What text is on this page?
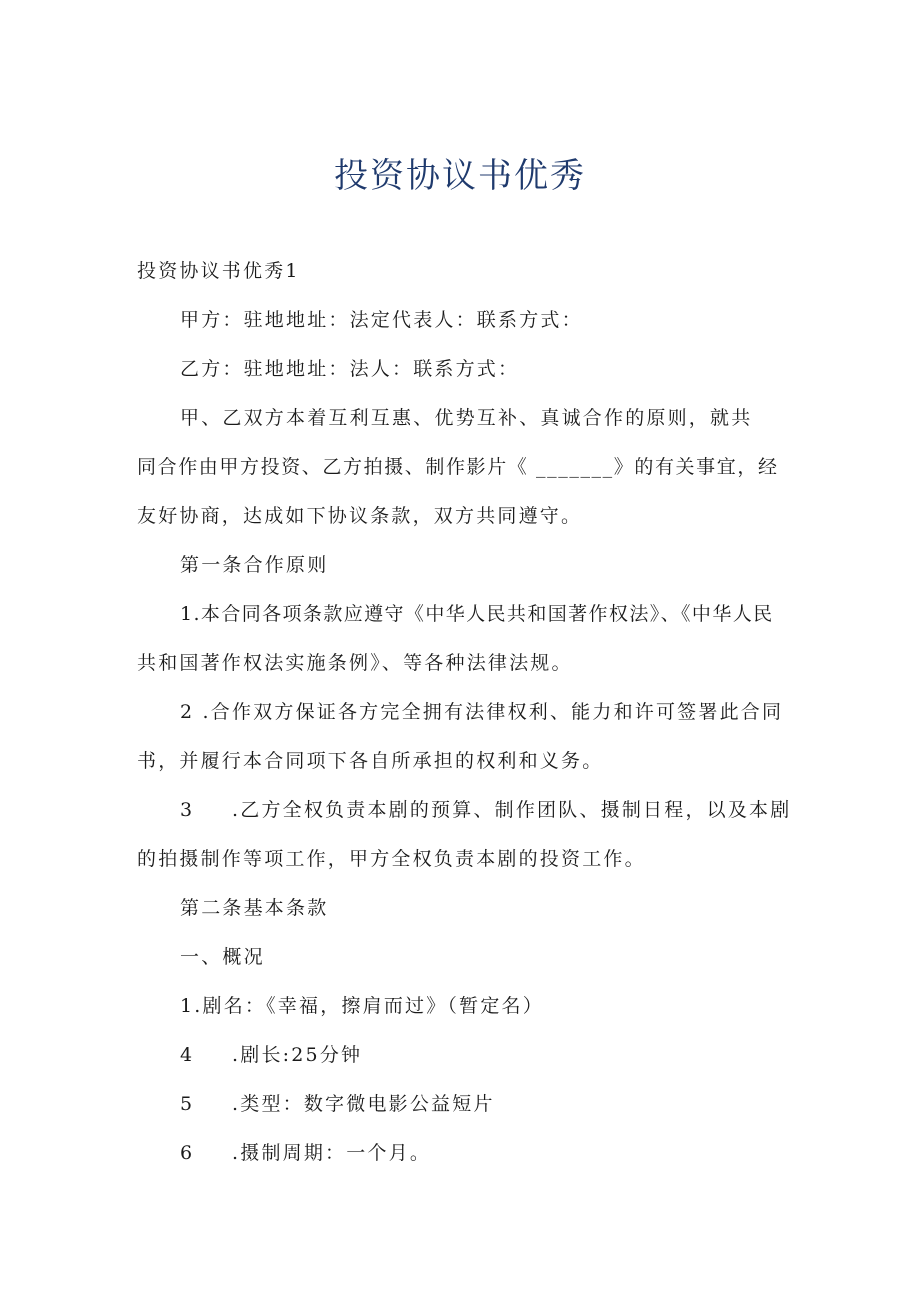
投资协议书优秀
投资协议书优秀1
甲方：驻地地址：法定代表人：联系方式：
乙方：驻地地址：法人：联系方式：
甲、乙双方本着互利互惠、优势互补、真诚合作的原则，就共
同合作由甲方投资、乙方拍摄、制作影片《 _______》的有关事宜，经
友好协商，达成如下协议条款，双方共同遵守。
第一条合作原则
1.本合同各项条款应遵守《中华人民共和国著作权法》、《中华人民
共和国著作权法实施条例》、等各种法律法规。
2 .合作双方保证各方完全拥有法律权利、能力和许可签署此合同
书，并履行本合同项下各自所承担的权利和义务。
3 .乙方全权负责本剧的预算、制作团队、摄制日程，以及本剧
的拍摄制作等项工作，甲方全权负责本剧的投资工作。
第二条基本条款
一、概况
1.剧名：《幸福，擦肩而过》（暂定名）
4 .剧长:25分钟
5 .类型：数字微电影公益短片
6 .摄制周期：一个月。
